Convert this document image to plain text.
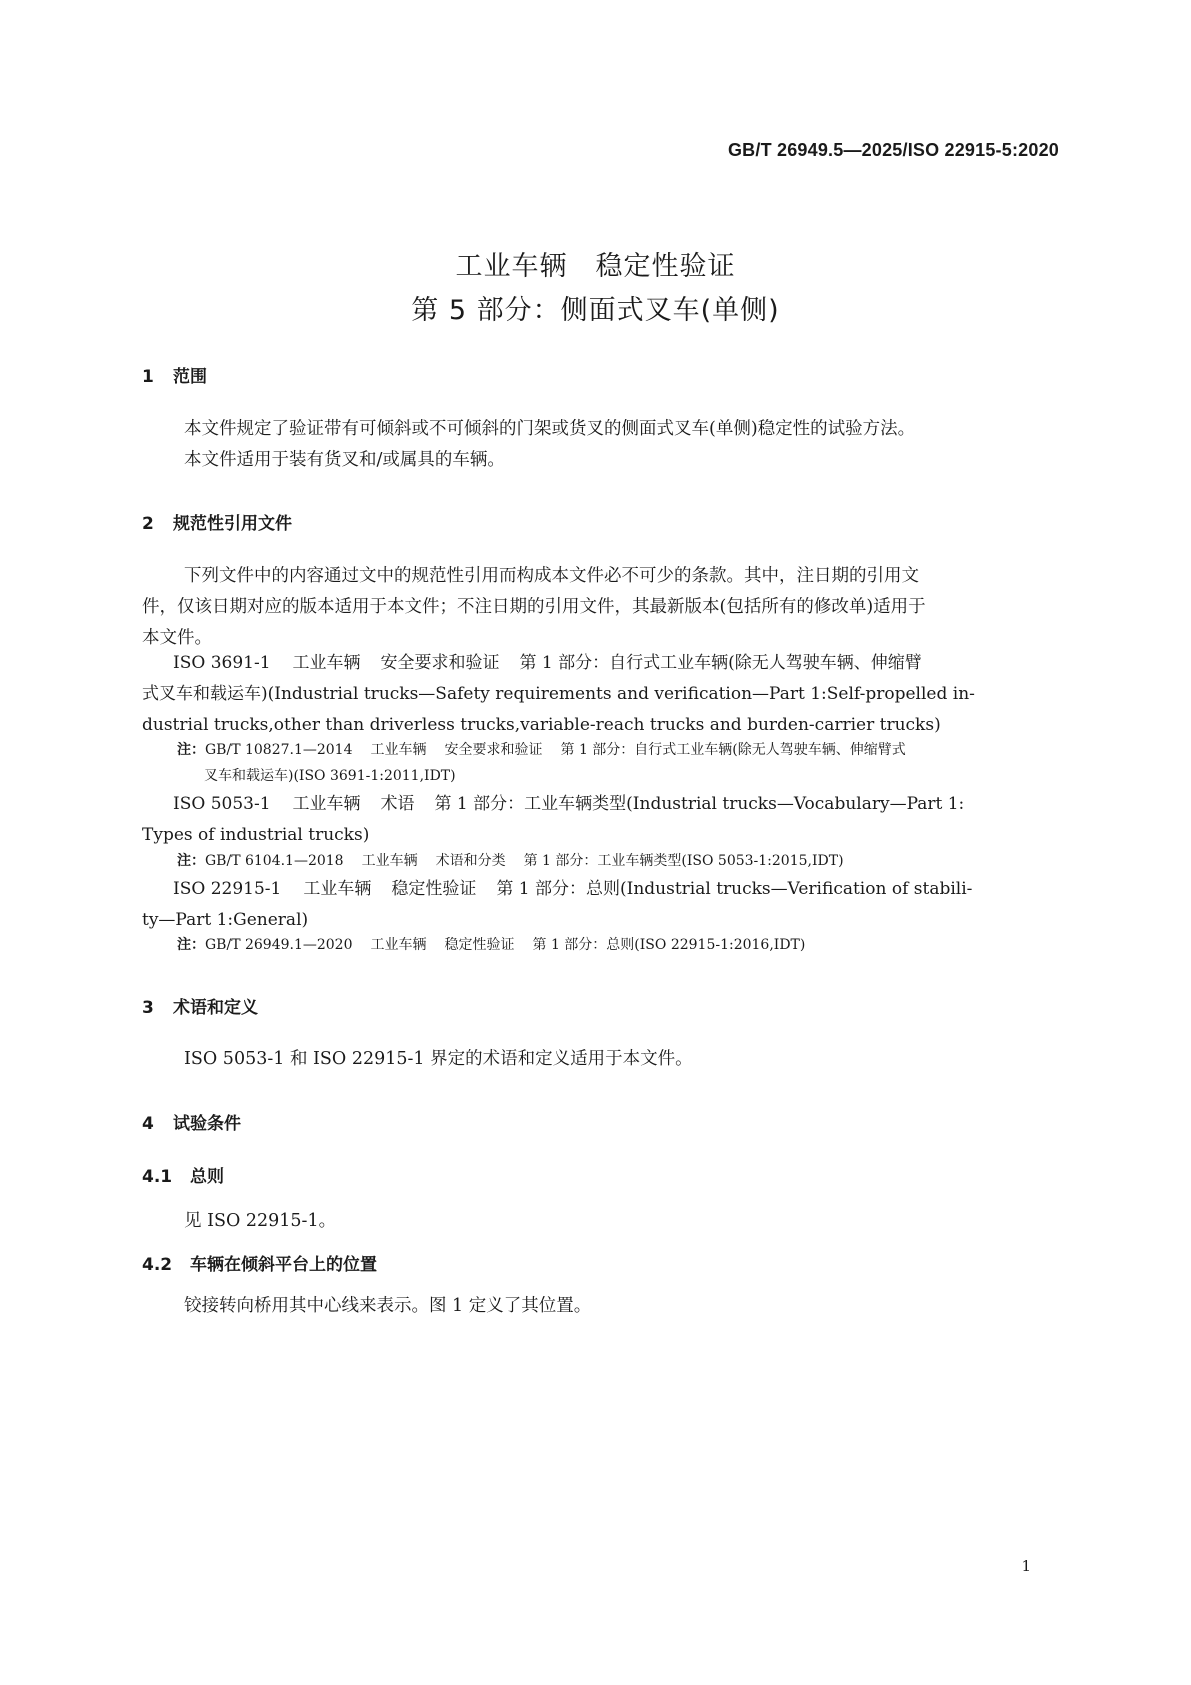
GB/T 26949.5—2025/ISO 22915-5:2020
工业车辆　稳定性验证
第 5 部分：侧面式叉车(单侧)
1 范围
本文件规定了验证带有可倾斜或不可倾斜的门架或货叉的侧面式叉车(单侧)稳定性的试验方法。
本文件适用于装有货叉和/或属具的车辆。
2 规范性引用文件
下列文件中的内容通过文中的规范性引用而构成本文件必不可少的条款。其中，注日期的引用文
件，仅该日期对应的版本适用于本文件；不注日期的引用文件，其最新版本(包括所有的修改单)适用于
本文件。
ISO 3691-1 工业车辆 安全要求和验证 第 1 部分：自行式工业车辆(除无人驾驶车辆、伸缩臂
式叉车和载运车)(Industrial trucks—Safety requirements and verification—Part 1:Self-propelled in-
dustrial trucks,other than driverless trucks,variable-reach trucks and burden-carrier trucks)
注：GB/T 10827.1—2014 工业车辆 安全要求和验证 第 1 部分：自行式工业车辆(除无人驾驶车辆、伸缩臂式
叉车和载运车)(ISO 3691-1:2011,IDT)
ISO 5053-1 工业车辆 术语 第 1 部分：工业车辆类型(Industrial trucks—Vocabulary—Part 1:
Types of industrial trucks)
注：GB/T 6104.1—2018 工业车辆 术语和分类 第 1 部分：工业车辆类型(ISO 5053-1:2015,IDT)
ISO 22915-1 工业车辆 稳定性验证 第 1 部分：总则(Industrial trucks—Verification of stabili-
ty—Part 1:General)
注：GB/T 26949.1—2020 工业车辆 稳定性验证 第 1 部分：总则(ISO 22915-1:2016,IDT)
3 术语和定义
ISO 5053-1 和 ISO 22915-1 界定的术语和定义适用于本文件。
4 试验条件
4.1 总则
见 ISO 22915-1。
4.2 车辆在倾斜平台上的位置
铰接转向桥用其中心线来表示。图 1 定义了其位置。
1
